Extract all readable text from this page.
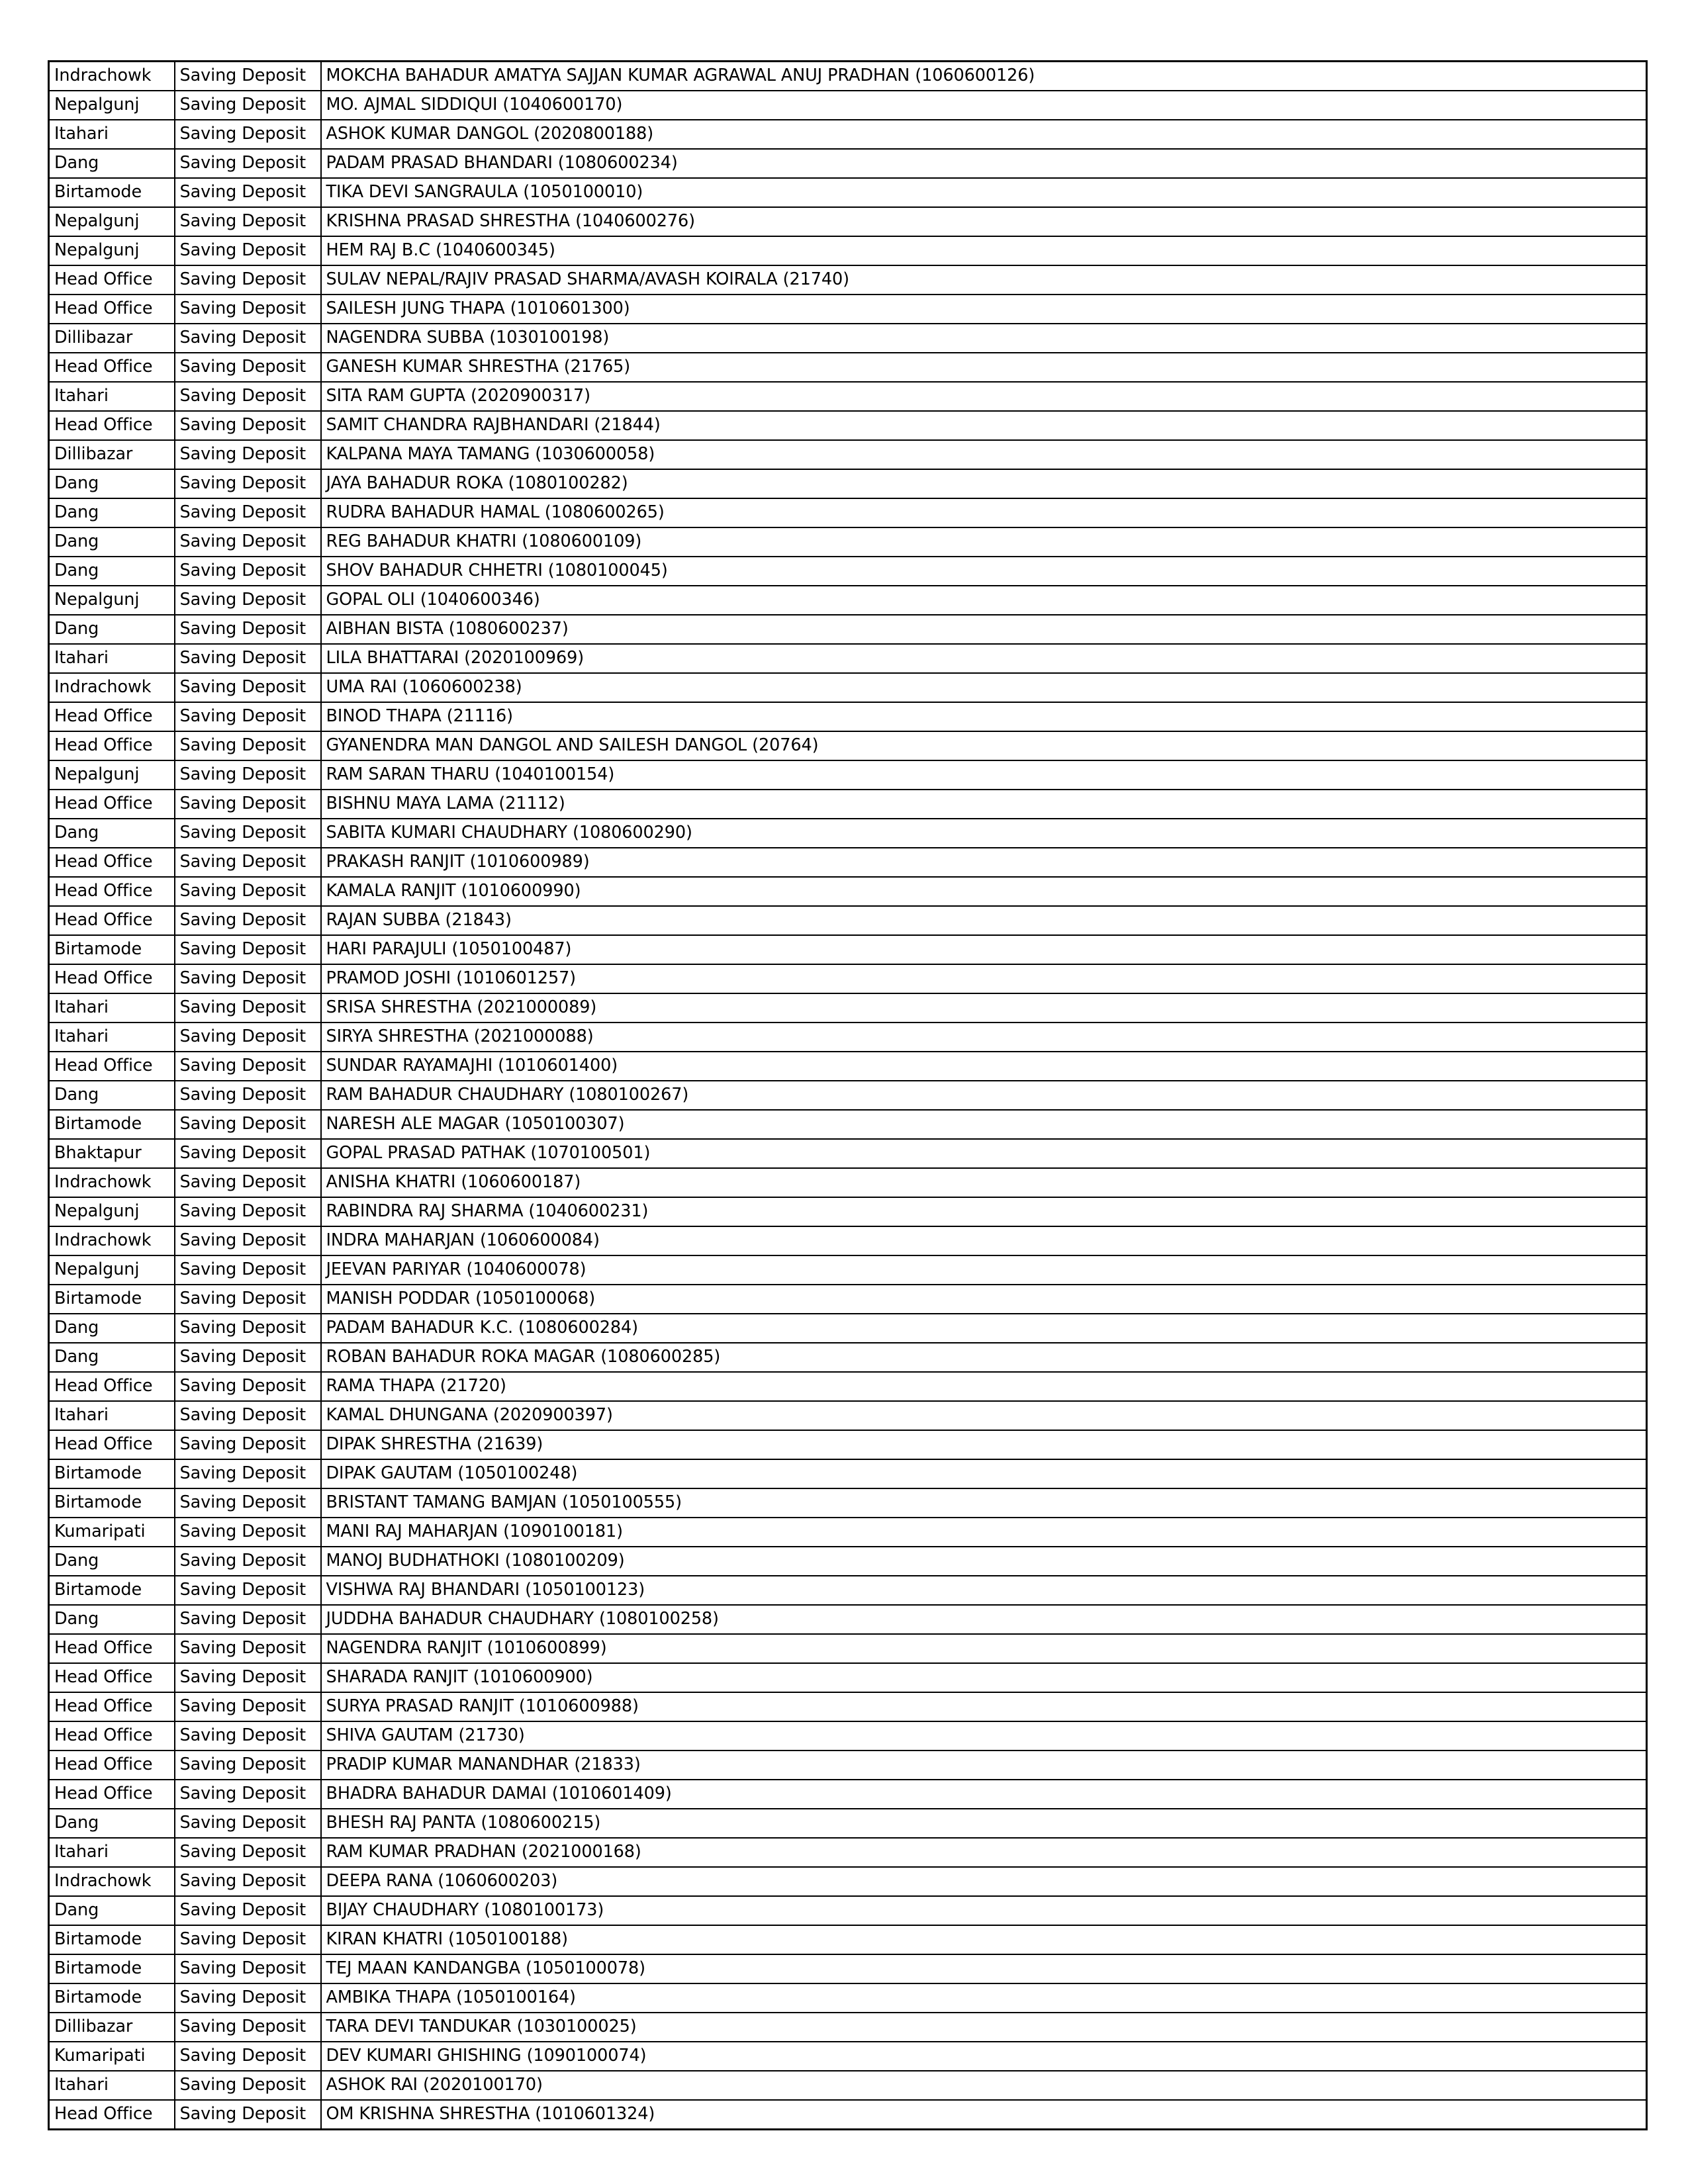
Indrachowk	Saving Deposit	MOKCHA BAHADUR AMATYA SAJJAN KUMAR AGRAWAL ANUJ PRADHAN (1060600126)
Nepalgunj	Saving Deposit	MO. AJMAL SIDDIQUI (1040600170)
Itahari	Saving Deposit	ASHOK KUMAR DANGOL (2020800188)
Dang	Saving Deposit	PADAM PRASAD BHANDARI (1080600234)
Birtamode	Saving Deposit	TIKA DEVI SANGRAULA (1050100010)
Nepalgunj	Saving Deposit	KRISHNA PRASAD SHRESTHA (1040600276)
Nepalgunj	Saving Deposit	HEM RAJ B.C (1040600345)
Head Office	Saving Deposit	SULAV NEPAL/RAJIV PRASAD SHARMA/AVASH KOIRALA (21740)
Head Office	Saving Deposit	SAILESH JUNG THAPA (1010601300)
Dillibazar	Saving Deposit	NAGENDRA SUBBA (1030100198)
Head Office	Saving Deposit	GANESH KUMAR SHRESTHA (21765)
Itahari	Saving Deposit	SITA RAM GUPTA (2020900317)
Head Office	Saving Deposit	SAMIT CHANDRA RAJBHANDARI (21844)
Dillibazar	Saving Deposit	KALPANA MAYA TAMANG (1030600058)
Dang	Saving Deposit	JAYA BAHADUR ROKA (1080100282)
Dang	Saving Deposit	RUDRA BAHADUR HAMAL (1080600265)
Dang	Saving Deposit	REG BAHADUR KHATRI (1080600109)
Dang	Saving Deposit	SHOV BAHADUR CHHETRI (1080100045)
Nepalgunj	Saving Deposit	GOPAL OLI (1040600346)
Dang	Saving Deposit	AIBHAN BISTA (1080600237)
Itahari	Saving Deposit	LILA BHATTARAI (2020100969)
Indrachowk	Saving Deposit	UMA RAI (1060600238)
Head Office	Saving Deposit	BINOD THAPA (21116)
Head Office	Saving Deposit	GYANENDRA MAN DANGOL AND SAILESH DANGOL (20764)
Nepalgunj	Saving Deposit	RAM SARAN THARU (1040100154)
Head Office	Saving Deposit	BISHNU MAYA LAMA (21112)
Dang	Saving Deposit	SABITA KUMARI CHAUDHARY (1080600290)
Head Office	Saving Deposit	PRAKASH RANJIT (1010600989)
Head Office	Saving Deposit	KAMALA RANJIT (1010600990)
Head Office	Saving Deposit	RAJAN SUBBA (21843)
Birtamode	Saving Deposit	HARI PARAJULI (1050100487)
Head Office	Saving Deposit	PRAMOD JOSHI (1010601257)
Itahari	Saving Deposit	SRISA SHRESTHA (2021000089)
Itahari	Saving Deposit	SIRYA SHRESTHA (2021000088)
Head Office	Saving Deposit	SUNDAR RAYAMAJHI (1010601400)
Dang	Saving Deposit	RAM BAHADUR CHAUDHARY (1080100267)
Birtamode	Saving Deposit	NARESH ALE MAGAR (1050100307)
Bhaktapur	Saving Deposit	GOPAL PRASAD PATHAK (1070100501)
Indrachowk	Saving Deposit	ANISHA KHATRI (1060600187)
Nepalgunj	Saving Deposit	RABINDRA RAJ SHARMA (1040600231)
Indrachowk	Saving Deposit	INDRA MAHARJAN (1060600084)
Nepalgunj	Saving Deposit	JEEVAN PARIYAR (1040600078)
Birtamode	Saving Deposit	MANISH PODDAR (1050100068)
Dang	Saving Deposit	PADAM BAHADUR K.C. (1080600284)
Dang	Saving Deposit	ROBAN BAHADUR ROKA MAGAR (1080600285)
Head Office	Saving Deposit	RAMA THAPA (21720)
Itahari	Saving Deposit	KAMAL DHUNGANA (2020900397)
Head Office	Saving Deposit	DIPAK SHRESTHA (21639)
Birtamode	Saving Deposit	DIPAK GAUTAM (1050100248)
Birtamode	Saving Deposit	BRISTANT TAMANG BAMJAN (1050100555)
Kumaripati	Saving Deposit	MANI RAJ MAHARJAN (1090100181)
Dang	Saving Deposit	MANOJ BUDHATHOKI (1080100209)
Birtamode	Saving Deposit	VISHWA RAJ BHANDARI (1050100123)
Dang	Saving Deposit	JUDDHA BAHADUR CHAUDHARY (1080100258)
Head Office	Saving Deposit	NAGENDRA RANJIT (1010600899)
Head Office	Saving Deposit	SHARADA RANJIT (1010600900)
Head Office	Saving Deposit	SURYA PRASAD RANJIT (1010600988)
Head Office	Saving Deposit	SHIVA GAUTAM (21730)
Head Office	Saving Deposit	PRADIP KUMAR MANANDHAR (21833)
Head Office	Saving Deposit	BHADRA BAHADUR DAMAI (1010601409)
Dang	Saving Deposit	BHESH RAJ PANTA (1080600215)
Itahari	Saving Deposit	RAM KUMAR PRADHAN (2021000168)
Indrachowk	Saving Deposit	DEEPA RANA (1060600203)
Dang	Saving Deposit	BIJAY CHAUDHARY (1080100173)
Birtamode	Saving Deposit	KIRAN KHATRI (1050100188)
Birtamode	Saving Deposit	TEJ MAAN KANDANGBA (1050100078)
Birtamode	Saving Deposit	AMBIKA THAPA (1050100164)
Dillibazar	Saving Deposit	TARA DEVI TANDUKAR (1030100025)
Kumaripati	Saving Deposit	DEV KUMARI GHISHING (1090100074)
Itahari	Saving Deposit	ASHOK RAI (2020100170)
Head Office	Saving Deposit	OM KRISHNA SHRESTHA (1010601324)
